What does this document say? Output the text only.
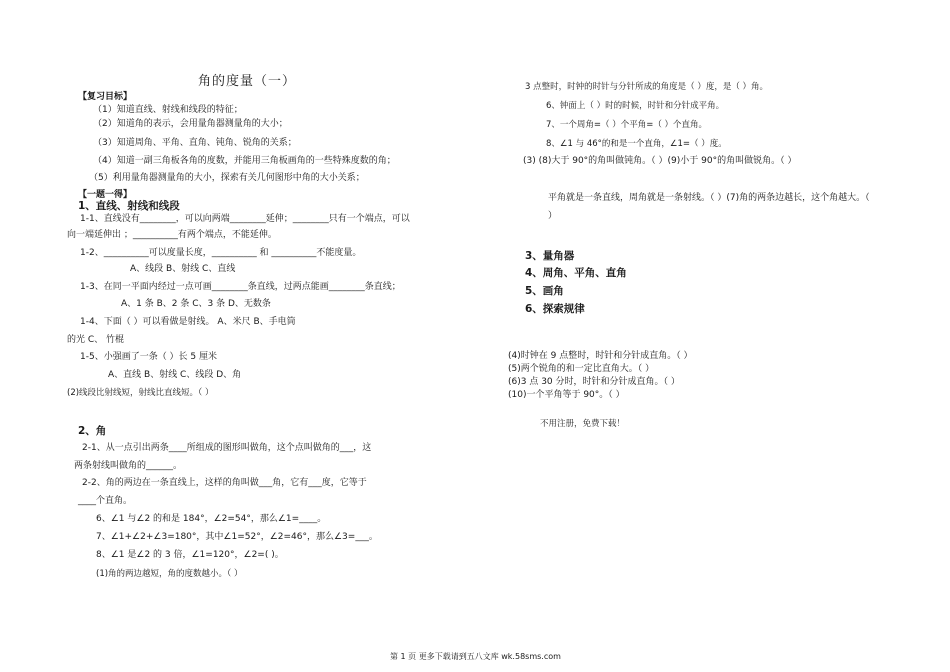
角的度量（一）
【复习目标】
（1）知道直线、射线和线段的特征；
（2）知道角的表示，会用量角器测量角的大小；
（3）知道周角、平角、直角、钝角、锐角的关系；
（4）知道一副三角板各角的度数，并能用三角板画角的一些特殊度数的角；
（5）利用量角器测量角的大小，探索有关几何图形中角的大小关系；
【一题一得】
1、直线、射线和线段
1-1、直线没有________，可以向两端________延伸；________只有一个端点，可以
向一端延伸出 ；__________有两个端点，不能延伸。
1-2、__________可以度量长度，__________ 和 __________不能度量。
A、线段 B、射线 C、直线
1-3、在同一平面内经过一点可画________条直线，过两点能画________条直线；
A、1 条 B、2 条 C、3 条 D、无数条
1-4、下面（ ）可以看做是射线。 A、米尺 B、手电筒
的光 C、 竹棍
1-5、小强画了一条（ ）长 5 厘米
A、直线 B、射线 C、线段 D、角
(2)线段比射线短，射线比直线短。（ ）
2、角
2-1、从一点引出两条____所组成的图形叫做角，这个点叫做角的___，这
两条射线叫做角的______。
2-2、角的两边在一条直线上，这样的角叫做___角，它有___度，它等于
____个直角。
6、∠1 与∠2 的和是 184°，∠2=54°，那么∠1=____。
7、∠1+∠2+∠3=180°，其中∠1=52°，∠2=46°，那么∠3=___。
8、∠1 是∠2 的 3 倍，∠1=120°，∠2=( )。
(1)角的两边越短，角的度数越小。（ ）
3 点整时，时钟的时针与分针所成的角度是（ ）度，是（ ）角。
6、钟面上（ ）时的时候，时针和分针成平角。
7、一个周角=（ ）个平角=（ ）个直角。
8、∠1 与 46°的和是一个直角，∠1=（ ）度。
(3) (8)大于 90°的角叫做钝角。（ ）(9)小于 90°的角叫做锐角。（ ）
平角就是一条直线，周角就是一条射线。（ ）(7)角的两条边越长，这个角越大。（
）
3、量角器
4、周角、平角、直角
5、画角
6、探索规律
(4)时钟在 9 点整时，时针和分针成直角。（ ）
(5)两个锐角的和一定比直角大。（ ）
(6)3 点 30 分时，时针和分针成直角。（ ）
(10)一个平角等于 90°。（ ）
不用注册，免费下载！
第 1 页 更多下载请到五八文库 wk.58sms.com
